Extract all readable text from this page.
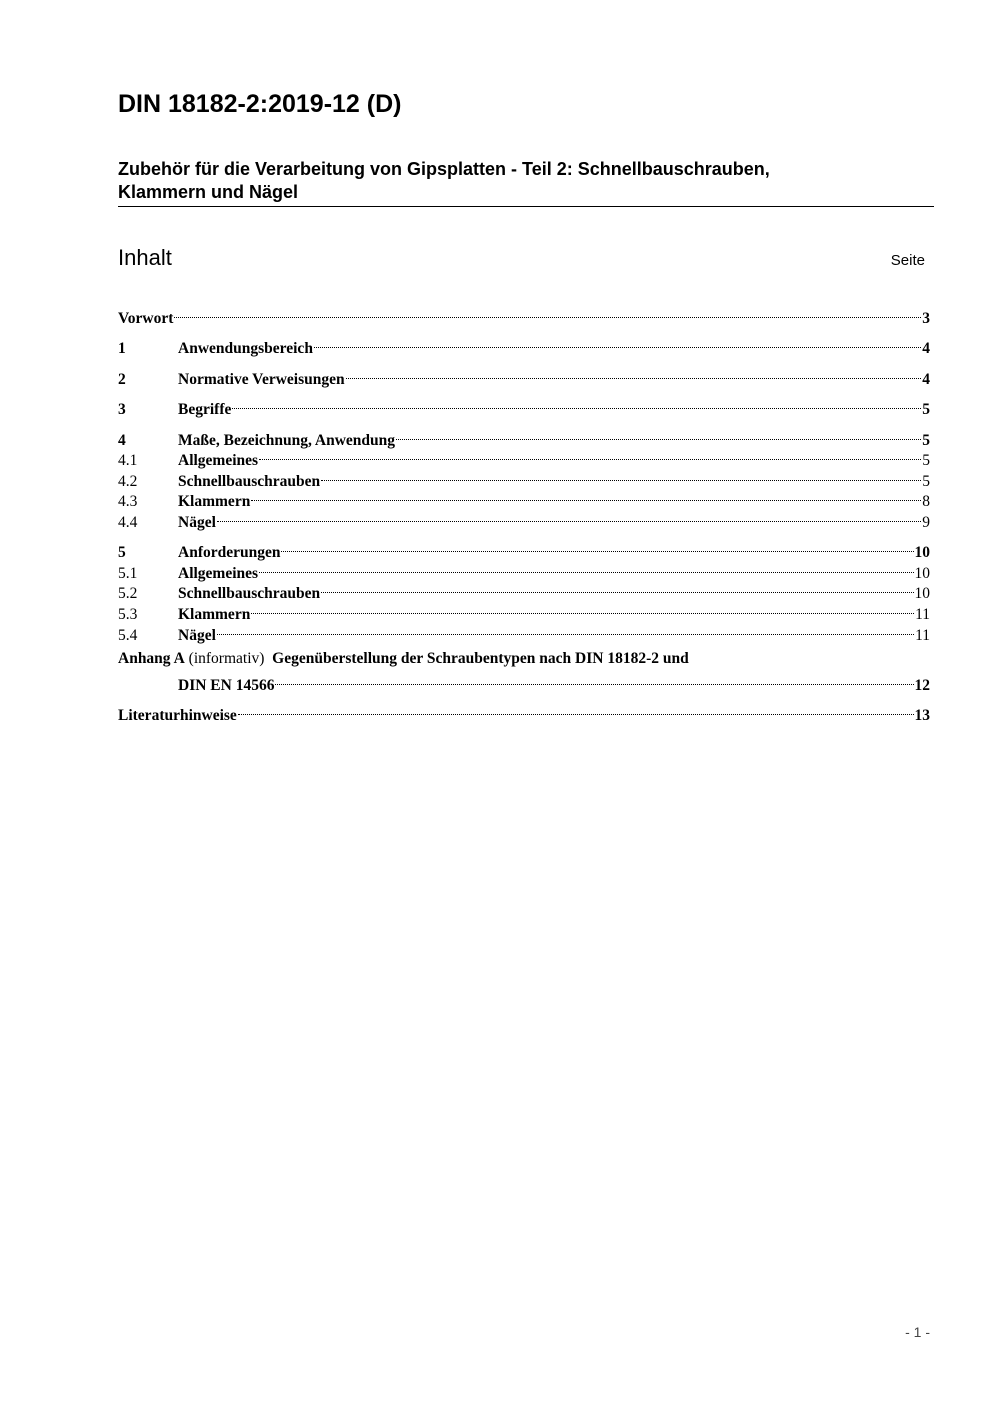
DIN 18182-2:2019-12 (D)
Zubehör für die Verarbeitung von Gipsplatten - Teil 2: Schnellbauschrauben,
Klammern und Nägel
Inhalt	Seite
Vorwort	3
1	Anwendungsbereich	4
2	Normative Verweisungen	4
3	Begriffe	5
4	Maße, Bezeichnung, Anwendung	5
4.1	Allgemeines	5
4.2	Schnellbauschrauben	5
4.3	Klammern	8
4.4	Nägel	9
5	Anforderungen	10
5.1	Allgemeines	10
5.2	Schnellbauschrauben	10
5.3	Klammern	11
5.4	Nägel	11
Anhang A (informativ) Gegenüberstellung der Schraubentypen nach DIN 18182-2 und
DIN EN 14566	12
Literaturhinweise	13
- 1 -
